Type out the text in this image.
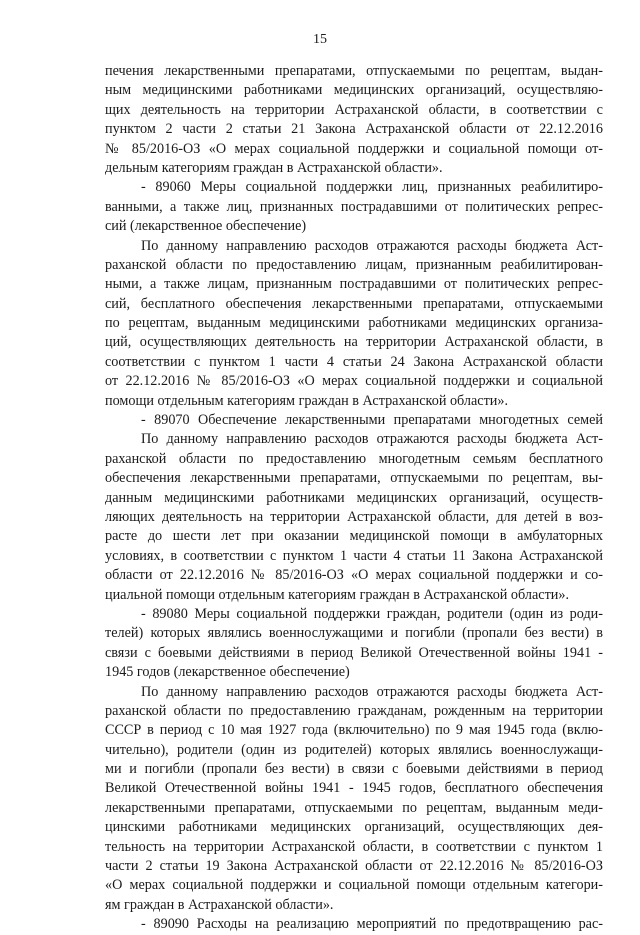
15

печения лекарственными препаратами, отпускаемыми по рецептам, выдан-

ным медицинскими работниками медицинских организаций, осуществляю-

щих деятельность на территории Астраханской области, в соответствии с

пунктом 2 части 2 статьи 21 Закона Астраханской области от 22.12.2016

№ 85/2016-ОЗ «О мерах социальной поддержки и социальной помощи от-

дельным категориям граждан в Астраханской области».

- 89060 Меры социальной поддержки лиц, признанных реабилитиро-

ванными, а также лиц, признанных пострадавшими от политических репрес-

сий (лекарственное обеспечение)

По данному направлению расходов отражаются расходы бюджета Аст-

раханской области по предоставлению лицам, признанным реабилитирован-

ными, а также лицам, признанным пострадавшими от политических репрес-

сий, бесплатного обеспечения лекарственными препаратами, отпускаемыми

по рецептам, выданным медицинскими работниками медицинских организа-

ций, осуществляющих деятельность на территории Астраханской области, в

соответствии с пунктом 1 части 4 статьи 24 Закона Астраханской области

от 22.12.2016 № 85/2016-ОЗ «О мерах социальной поддержки и социальной

помощи отдельным категориям граждан в Астраханской области».

- 89070 Обеспечение лекарственными препаратами многодетных семей

По данному направлению расходов отражаются расходы бюджета Аст-

раханской области по предоставлению многодетным семьям бесплатного

обеспечения лекарственными препаратами, отпускаемыми по рецептам, вы-

данным медицинскими работниками медицинских организаций, осуществ-

ляющих деятельность на территории Астраханской области, для детей в воз-

расте до шести лет при оказании медицинской помощи в амбулаторных

условиях, в соответствии с пунктом 1 части 4 статьи 11 Закона Астраханской

области от 22.12.2016 № 85/2016-ОЗ «О мерах социальной поддержки и со-

циальной помощи отдельным категориям граждан в Астраханской области».

- 89080 Меры социальной поддержки граждан, родители (один из роди-

телей) которых являлись военнослужащими и погибли (пропали без вести) в

связи с боевыми действиями в период Великой Отечественной войны 1941 -

1945 годов (лекарственное обеспечение)

По данному направлению расходов отражаются расходы бюджета Аст-

раханской области по предоставлению гражданам, рожденным на территории

СССР в период с 10 мая 1927 года (включительно) по 9 мая 1945 года (вклю-

чительно), родители (один из родителей) которых являлись военнослужащи-

ми и погибли (пропали без вести) в связи с боевыми действиями в период

Великой Отечественной войны 1941 - 1945 годов, бесплатного обеспечения

лекарственными препаратами, отпускаемыми по рецептам, выданным меди-

цинскими работниками медицинских организаций, осуществляющих дея-

тельность на территории Астраханской области, в соответствии с пунктом 1

части 2 статьи 19 Закона Астраханской области от 22.12.2016 № 85/2016-ОЗ

«О мерах социальной поддержки и социальной помощи отдельным категори-

ям граждан в Астраханской области».

- 89090 Расходы на реализацию мероприятий по предотвращению рас-
